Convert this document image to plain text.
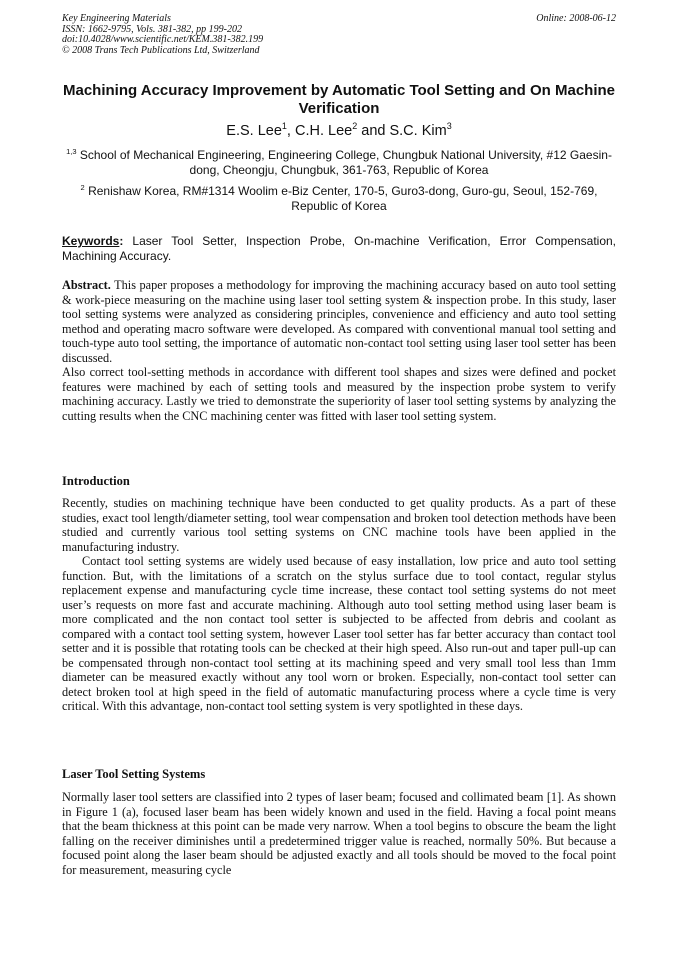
Key Engineering Materials
ISSN: 1662-9795, Vols. 381-382, pp 199-202
doi:10.4028/www.scientific.net/KEM.381-382.199
© 2008 Trans Tech Publications Ltd, Switzerland
Online: 2008-06-12
Machining Accuracy Improvement by Automatic Tool Setting and On Machine Verification
E.S. Lee$^1$, C.H. Lee$^2$ and S.C. Kim$^3$
$^{1,3}$ School of Mechanical Engineering, Engineering College, Chungbuk National University, #12 Gaesin-dong, Cheongju, Chungbuk, 361-763, Republic of Korea
$^2$ Renishaw Korea, RM#1314 Woolim e-Biz Center, 170-5, Guro3-dong, Guro-gu, Seoul, 152-769, Republic of Korea
Keywords: Laser Tool Setter, Inspection Probe, On-machine Verification, Error Compensation, Machining Accuracy.

Abstract. This paper proposes a methodology for improving the machining accuracy based on auto tool setting & work-piece measuring on the machine using laser tool setting system & inspection probe. In this study, laser tool setting systems were analyzed as considering principles, convenience and efficiency and auto tool setting method and operating macro software were developed. As compared with conventional manual tool setting and touch-type auto tool setting, the importance of automatic non-contact tool setting using laser tool setter has been discussed.

Also correct tool-setting methods in accordance with different tool shapes and sizes were defined and pocket features were machined by each of setting tools and measured by the inspection probe system to verify machining accuracy. Lastly we tried to demonstrate the superiority of laser tool setting systems by analyzing the cutting results when the CNC machining center was fitted with laser tool setting system.

Introduction

Recently, studies on machining technique have been conducted to get quality products. As a part of these studies, exact tool length/diameter setting, tool wear compensation and broken tool detection methods have been studied and currently various tool setting systems on CNC machine tools have been applied in the manufacturing industry.

Contact tool setting systems are widely used because of easy installation, low price and auto tool setting function. But, with the limitations of a scratch on the stylus surface due to tool contact, regular stylus replacement expense and manufacturing cycle time increase, these contact tool setting systems do not meet user’s requests on more fast and accurate machining. Although auto tool setting method using laser beam is more complicated and the non contact tool setter is subjected to be affected from debris and coolant as compared with a contact tool setting system, however Laser tool setter has far better accuracy than contact tool setter and it is possible that rotating tools can be checked at their high speed. Also run-out and taper pull-up can be compensated through non-contact tool setting at its machining speed and very small tool less than 1mm diameter can be measured exactly without any tool worn or broken. Especially, non-contact tool setter can detect broken tool at high speed in the field of automatic manufacturing process where a cycle time is very critical. With this advantage, non-contact tool setting system is very spotlighted in these days.

Laser Tool Setting Systems

Normally laser tool setters are classified into 2 types of laser beam; focused and collimated beam [1]. As shown in Figure 1 (a), focused laser beam has been widely known and used in the field. Having a focal point means that the beam thickness at this point can be made very narrow. When a tool begins to obscure the beam the light falling on the receiver diminishes until a predetermined trigger value is reached, normally 50%. But because a focused point along the laser beam should be adjusted exactly and all tools should be moved to the focal point for measurement, measuring cycle
